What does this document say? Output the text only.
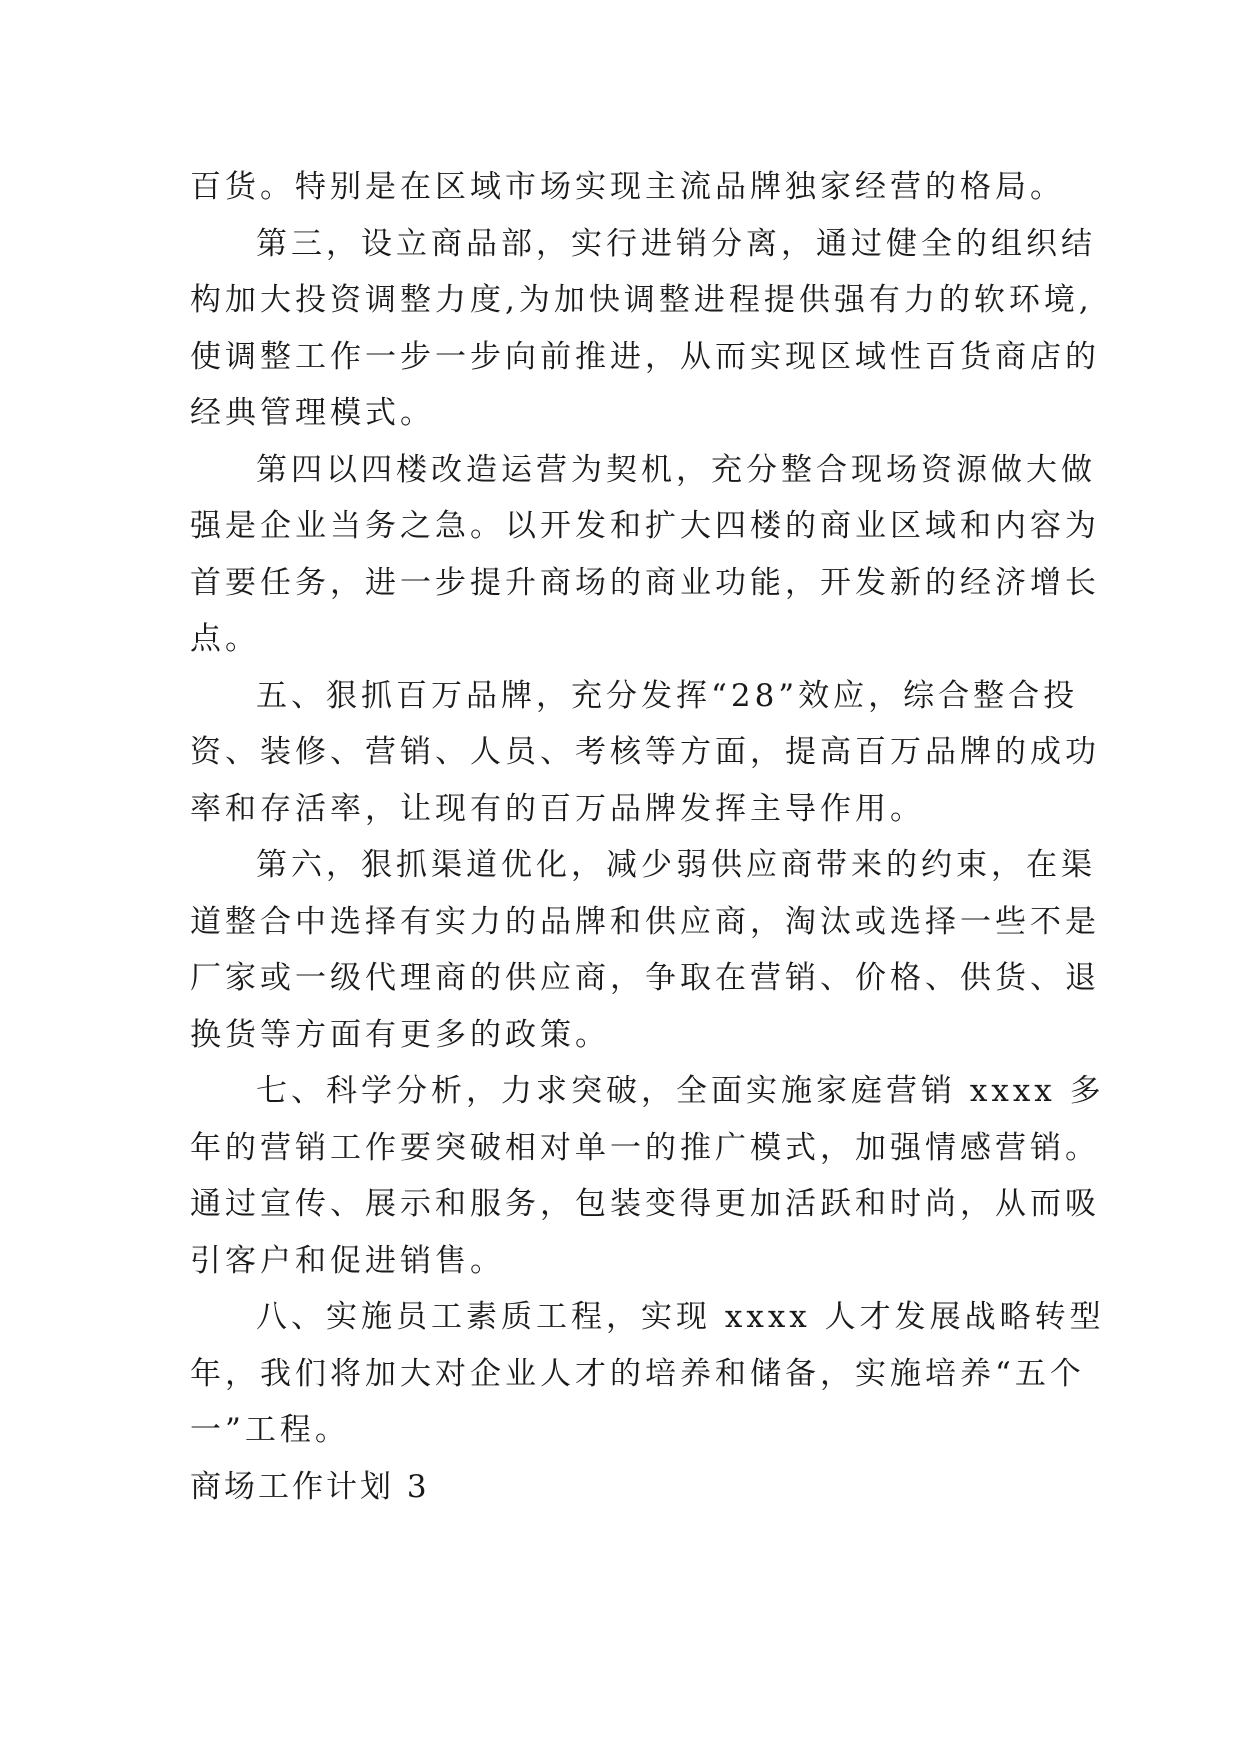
百货。特别是在区域市场实现主流品牌独家经营的格局。
第三，设立商品部，实行进销分离，通过健全的组织结
构加大投资调整力度,为加快调整进程提供强有力的软环境,
使调整工作一步一步向前推进，从而实现区域性百货商店的
经典管理模式。
第四以四楼改造运营为契机，充分整合现场资源做大做
强是企业当务之急。以开发和扩大四楼的商业区域和内容为
首要任务，进一步提升商场的商业功能，开发新的经济增长
点。
五、狠抓百万品牌，充分发挥“28”效应，综合整合投
资、装修、营销、人员、考核等方面，提高百万品牌的成功
率和存活率，让现有的百万品牌发挥主导作用。
第六，狠抓渠道优化，减少弱供应商带来的约束，在渠
道整合中选择有实力的品牌和供应商，淘汰或选择一些不是
厂家或一级代理商的供应商，争取在营销、价格、供货、退
换货等方面有更多的政策。
七、科学分析，力求突破，全面实施家庭营销 xxxx 多
年的营销工作要突破相对单一的推广模式，加强情感营销。
通过宣传、展示和服务，包装变得更加活跃和时尚，从而吸
引客户和促进销售。
八、实施员工素质工程，实现 xxxx 人才发展战略转型
年，我们将加大对企业人才的培养和储备，实施培养“五个
一”工程。
商场工作计划 3
